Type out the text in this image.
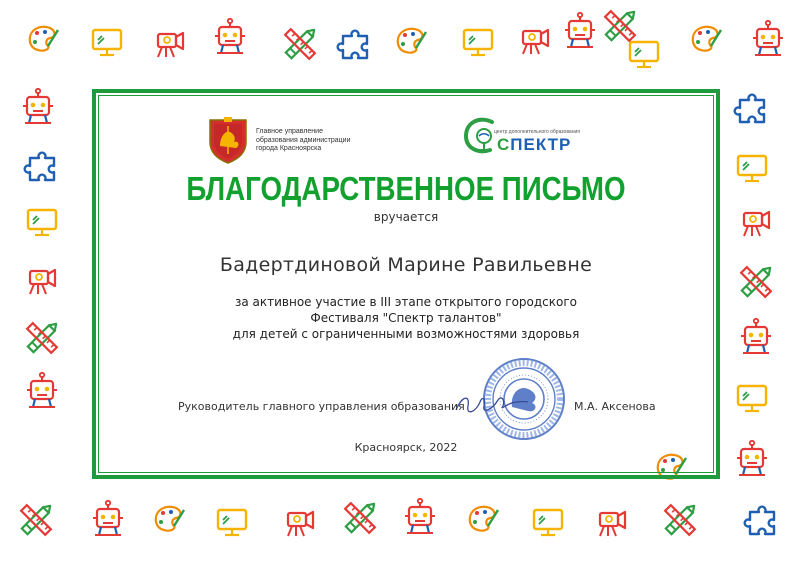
Главное управление
образования администрации
города Красноярска
центр дополнительного образования
СПЕКТР
БЛАГОДАРСТВЕННОЕ ПИСЬМО
вручается
Бадертдиновой Марине Равильевне
за активное участие в III этапе открытого городского
Фестиваля "Спектр талантов"
для детей с ограниченными возможностями здоровья
Руководитель главного управления образования	М.А. Аксенова
Красноярск, 2022
